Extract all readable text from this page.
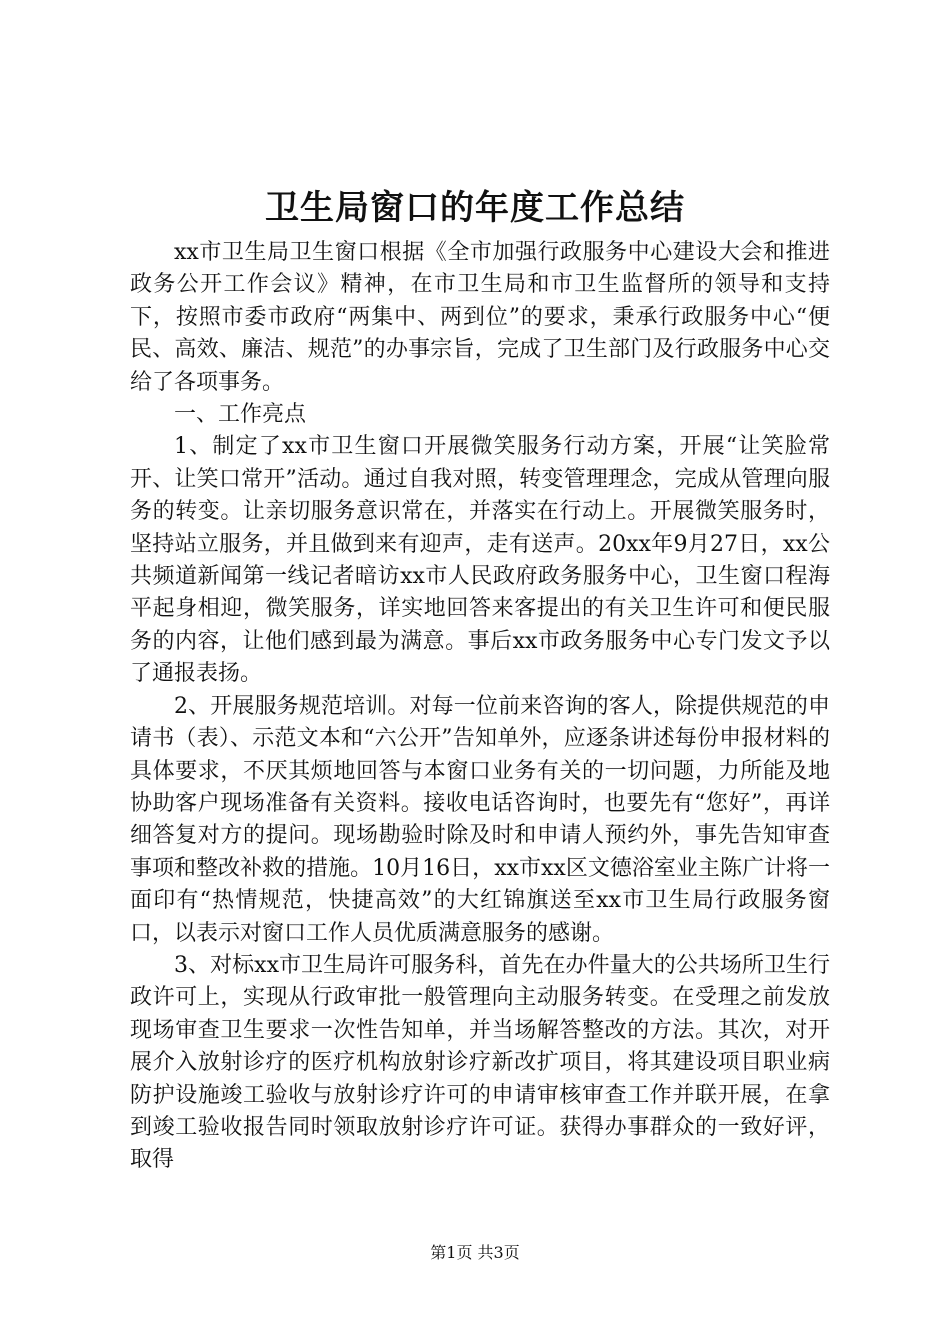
卫生局窗口的年度工作总结

xx市卫生局卫生窗口根据《全市加强行政服务中心建设大会和推进政务公开工作会议》精神，在市卫生局和市卫生监督所的领导和支持下，按照市委市政府“两集中、两到位”的要求，秉承行政服务中心“便民、高效、廉洁、规范”的办事宗旨，完成了卫生部门及行政服务中心交给了各项事务。

一、工作亮点

1、制定了xx市卫生窗口开展微笑服务行动方案，开展“让笑脸常开、让笑口常开”活动。通过自我对照，转变管理理念，完成从管理向服务的转变。让亲切服务意识常在，并落实在行动上。开展微笑服务时，坚持站立服务，并且做到来有迎声，走有送声。20xx年9月27日，xx公共频道新闻第一线记者暗访xx市人民政府政务服务中心，卫生窗口程海平起身相迎，微笑服务，详实地回答来客提出的有关卫生许可和便民服务的内容，让他们感到最为满意。事后xx市政务服务中心专门发文予以了通报表扬。

2、开展服务规范培训。对每一位前来咨询的客人，除提供规范的申请书（表）、示范文本和“六公开”告知单外，应逐条讲述每份申报材料的具体要求，不厌其烦地回答与本窗口业务有关的一切问题，力所能及地协助客户现场准备有关资料。接收电话咨询时，也要先有“您好”，再详细答复对方的提问。现场勘验时除及时和申请人预约外，事先告知审查事项和整改补救的措施。10月16日，xx市xx区文德浴室业主陈广计将一面印有“热情规范，快捷高效”的大红锦旗送至xx市卫生局行政服务窗口，以表示对窗口工作人员优质满意服务的感谢。

3、对标xx市卫生局许可服务科，首先在办件量大的公共场所卫生行政许可上，实现从行政审批一般管理向主动服务转变。在受理之前发放现场审查卫生要求一次性告知单，并当场解答整改的方法。其次，对开展介入放射诊疗的医疗机构放射诊疗新改扩项目，将其建设项目职业病防护设施竣工验收与放射诊疗许可的申请审核审查工作并联开展，在拿到竣工验收报告同时领取放射诊疗许可证。获得办事群众的一致好评，取得

第1页 共3页
